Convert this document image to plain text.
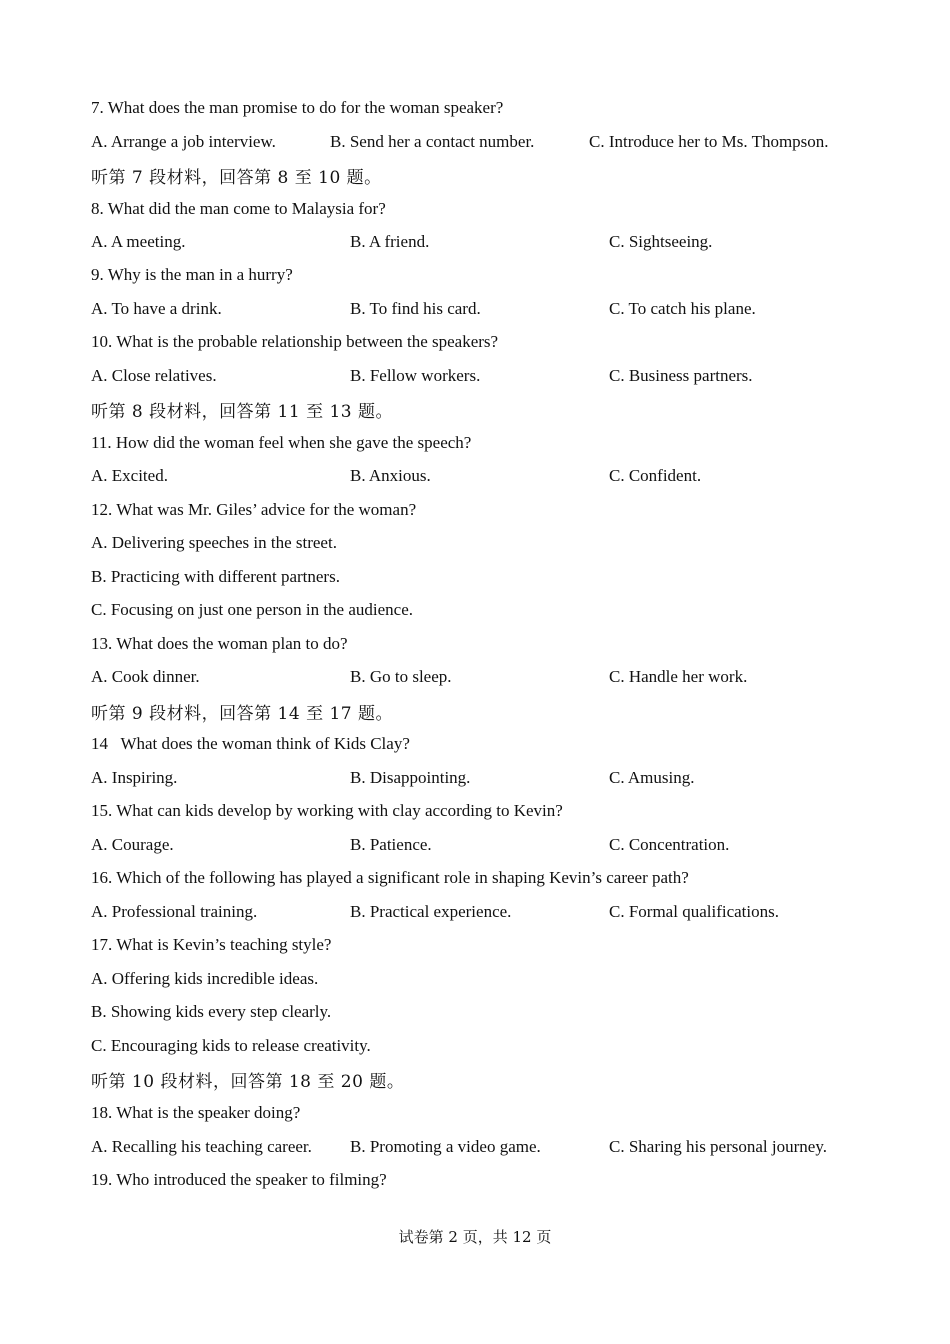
7. What does the man promise to do for the woman speaker?
A. Arrange a job interview.	B. Send her a contact number.	C. Introduce her to Ms. Thompson.
听第 7 段材料，回答第 8 至 10 题。
8. What did the man come to Malaysia for?
A. A meeting.	B. A friend.	C. Sightseeing.
9. Why is the man in a hurry?
A. To have a drink.	B. To find his card.	C. To catch his plane.
10. What is the probable relationship between the speakers?
A. Close relatives.	B. Fellow workers.	C. Business partners.
听第 8 段材料，回答第 11 至 13 题。
11. How did the woman feel when she gave the speech?
A. Excited.	B. Anxious.	C. Confident.
12. What was Mr. Giles’ advice for the woman?
A. Delivering speeches in the street.
B. Practicing with different partners.
C. Focusing on just one person in the audience.
13. What does the woman plan to do?
A. Cook dinner.	B. Go to sleep.	C. Handle her work.
听第 9 段材料，回答第 14 至 17 题。
14   What does the woman think of Kids Clay?
A. Inspiring.	B. Disappointing.	C. Amusing.
15. What can kids develop by working with clay according to Kevin?
A. Courage.	B. Patience.	C. Concentration.
16. Which of the following has played a significant role in shaping Kevin’s career path?
A. Professional training.	B. Practical experience.	C. Formal qualifications.
17. What is Kevin’s teaching style?
A. Offering kids incredible ideas.
B. Showing kids every step clearly.
C. Encouraging kids to release creativity.
听第 10 段材料，回答第 18 至 20 题。
18. What is the speaker doing?
A. Recalling his teaching career. B. Promoting a video game.	C. Sharing his personal journey.
19. Who introduced the speaker to filming?
试卷第 2 页，共 12 页
